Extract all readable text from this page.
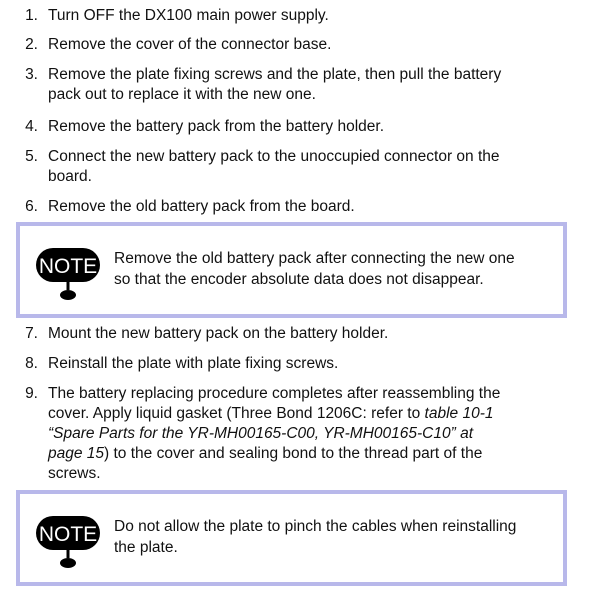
1. Turn OFF the DX100 main power supply.
2. Remove the cover of the connector base.
3. Remove the plate fixing screws and the plate, then pull the battery
pack out to replace it with the new one.
4. Remove the battery pack from the battery holder.
5. Connect the new battery pack to the unoccupied connector on the
board.
6. Remove the old battery pack from the board.
NOTE Remove the old battery pack after connecting the new one
so that the encoder absolute data does not disappear.
7. Mount the new battery pack on the battery holder.
8. Reinstall the plate with plate fixing screws.
9. The battery replacing procedure completes after reassembling the
cover. Apply liquid gasket (Three Bond 1206C: refer to table 10-1
“Spare Parts for the YR-MH00165-C00, YR-MH00165-C10” at
page 15) to the cover and sealing bond to the thread part of the
screws.
NOTE Do not allow the plate to pinch the cables when reinstalling
the plate.
